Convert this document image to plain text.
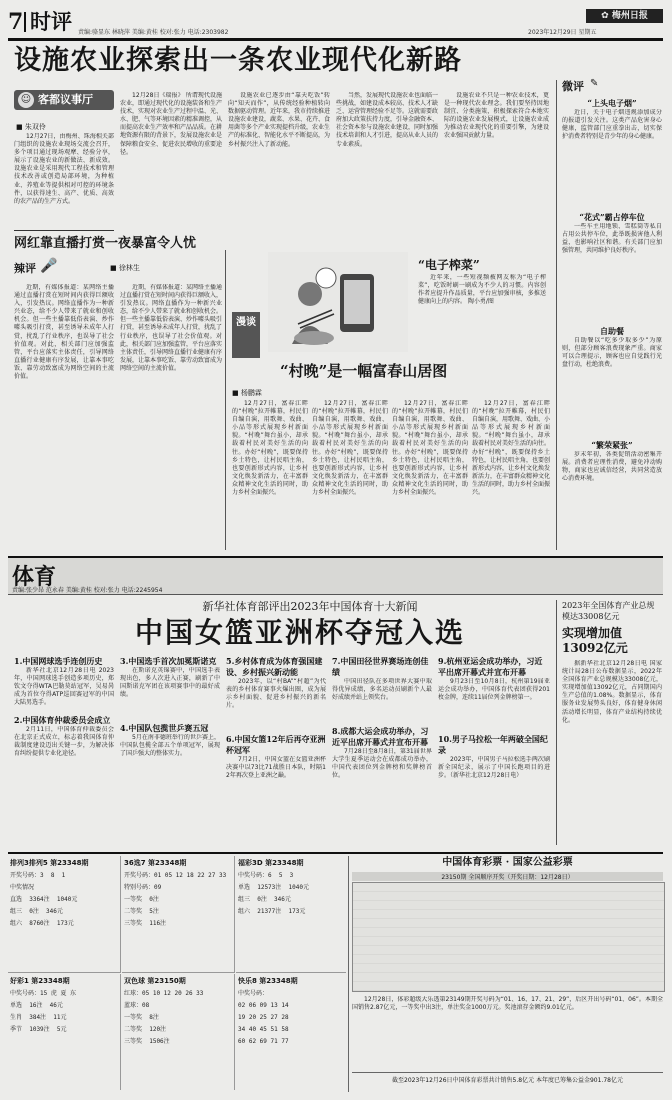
7 时评 责编:骆显东 林晓萍 美编:黄桂 校对:张力 电话:2303982	2023年12月29日 星期五
✿ 梅州日报
设施农业探索出一条农业现代化新路
☺ 客都议事厅
■ 朱双伶

12月27日，由梅州、珠海相关部门组织的设施农业现场交流会召开，多个项目通过现场观摩、经验分享，展示了设施农业的新做法、新成效。设施农业是采用现代工程技术和管理技术改善或创造局部环境，为种植业、养殖业等提供相对可控的环境条件，以获得速生、高产、优质、高效的农产品的生产方式。

12月28日《瑞报》 所谓现代设施农业，即通过现代化的设施装备和生产技术，实现对农业生产过程中温、光、水、肥、气等环境因素的精准调控，从而提高农业生产效率和产品品质。在耕地资源有限的背景下，发展设施农业是保障粮食安全、促进农民增收的重要途径。

设施农业已逐步由“靠天吃饭”转向“知天而作”，从传统经验种植转向数据驱动管理。近年来，我市持续推进设施农业建设，蔬菜、水果、花卉、食用菌等多个产业实现提档升级，农业生产的标准化、智能化水平不断提高，为乡村振兴注入了新动能。

当然，发展现代设施农业也面临一些挑战，如建设成本较高、技术人才缺乏、运营管理经验不足等。这就需要政府加大政策扶持力度，引导金融资本、社会资本参与设施农业建设，同时加强技术培训和人才引进，提高从业人员的专业素质。

设施农业不只是一种农业技术，更是一种现代农业理念。我们要坚持因地制宜、分类施策，积极探索符合本地实际的设施农业发展模式，让设施农业成为推动农业现代化的重要引擎，为建设农业强国贡献力量。

网红靠直播打赏一夜暴富令人忧
辣评 🎤	■ 徐林生

近期，有媒体报道：某网络主播通过直播打赏在短时间内获得巨额收入，引发热议。网络直播作为一种新兴业态，给不少人带来了就业和创收机会。但一些主播靠低俗表演、炒作噱头吸引打赏，甚至诱导未成年人打赏，扰乱了行业秩序，也误导了社会价值观。对此，相关部门应加强监管，平台应落实主体责任，引导网络直播行业健康有序发展，让靠本事吃饭、靠劳动致富成为网络空间的主流价值。

近期，有媒体报道：某网络主播通过直播打赏在短时间内获得巨额收入，引发热议。网络直播作为一种新兴业态，给不少人带来了就业和创收机会。但一些主播靠低俗表演、炒作噱头吸引打赏，甚至诱导未成年人打赏，扰乱了行业秩序，也误导了社会价值观。对此，相关部门应加强监管，平台应落实主体责任，引导网络直播行业健康有序发展，让靠本事吃饭、靠劳动致富成为网络空间的主流价值。

漫谈
“电子榨菜”

近年来，一些短视频被网友称为“电子榨菜”，吃饭时刷一刷成为不少人的习惯。内容创作者应提升作品质量，平台应加强审核，多推送健康向上的内容。 陶小勇/图

“村晚”是一幅富春山居图
■ 杨鹏霖

12月27日，富春江畔的“村晚”拉开帷幕，村民们自编自演，用歌舞、戏曲、小品等形式展现乡村新面貌。“村晚”舞台虽小，却承载着村民对美好生活的向往。办好“村晚”，既要保持乡土特色，让村民唱主角，也要创新形式内容，让乡村文化焕发新活力，在丰富群众精神文化生活的同时，助力乡村全面振兴。

12月27日，富春江畔的“村晚”拉开帷幕，村民们自编自演，用歌舞、戏曲、小品等形式展现乡村新面貌。“村晚”舞台虽小，却承载着村民对美好生活的向往。办好“村晚”，既要保持乡土特色，让村民唱主角，也要创新形式内容，让乡村文化焕发新活力，在丰富群众精神文化生活的同时，助力乡村全面振兴。

12月27日，富春江畔的“村晚”拉开帷幕，村民们自编自演，用歌舞、戏曲、小品等形式展现乡村新面貌。“村晚”舞台虽小，却承载着村民对美好生活的向往。办好“村晚”，既要保持乡土特色，让村民唱主角，也要创新形式内容，让乡村文化焕发新活力，在丰富群众精神文化生活的同时，助力乡村全面振兴。

12月27日，富春江畔的“村晚”拉开帷幕，村民们自编自演，用歌舞、戏曲、小品等形式展现乡村新面貌。“村晚”舞台虽小，却承载着村民对美好生活的向往。办好“村晚”，既要保持乡土特色，让村民唱主角，也要创新形式内容，让乡村文化焕发新活力，在丰富群众精神文化生活的同时，助力乡村全面振兴。

微评 ✎
“上头电子烟”

近日，关于电子烟违规添加成分的报道引发关注。这类产品危害身心健康，监管部门应重拳出击，切实保护消费者特别是青少年的身心健康。

“花式”霸占停车位

一些车主用地锁、雪糕筒等私自占用公共停车位，此举既损害他人利益，也影响社区和谐。有关部门应加强管理，共同维护良好秩序。

自助餐

自助餐以“吃多少取多少”为原则，但部分顾客浪费现象严重。商家可以合理提示，顾客也应自觉践行光盘行动，杜绝浪费。

“繁荣紧张”

岁末年初，各类促销活动密集开展。消费者应理性消费，避免冲动购物，商家也应诚信经营，共同营造放心消费环境。

体育
责编:张少昂 范永春 美编:黄桂 校对:张力 电话:2245954
新华社体育部评出2023年中国体育十大新闻
中国女篮亚洲杯夺冠入选
2023年全国体育产业总规模达33008亿元
实现增加值13092亿元

据新华社北京12月28日电 国家统计局28日公布数据显示，2022年全国体育产业总规模达33008亿元，实现增加值13092亿元，占同期国内生产总值的1.08%。数据显示，体育服务业发展势头良好，体育健身休闲活动增长明显，体育产业结构持续优化。

1.中国网球选手连创历史

新华社北京12月28日电 2023年，中国网球选手创造多项历史，郑钦文夺得WTA巴勒莫站冠军，吴易昺成为首位夺得ATP巡回赛冠军的中国大陆男选手。

2.中国体育仲裁委员会成立

2月11日，中国体育仲裁委员会在北京正式成立，标志着我国体育仲裁制度建设迈出关键一步，为解决体育纠纷提供专业化途径。

3.中国选手首次加冕斯诺克

在斯诺克英锦赛中，中国选手表现出色，多人次进入正赛，刷新了中国斯诺克军团在该项赛事中的最好成绩。

4.中国队包揽世乒赛五冠

5月在南非德班举行的世乒赛上，中国队包揽全部五个单项冠军，展现了国乒强大的整体实力。

5.乡村体育成为体育强国建设、乡村振兴新动能

2023年，以“村BA”“村超”为代表的乡村体育赛事火爆出圈，成为展示乡村面貌、促进乡村振兴的新名片。

6.中国女篮12年后再夺亚洲杯冠军

7月2日，中国女篮在女篮亚洲杯决赛中以73比71战胜日本队，时隔12年再次登上亚洲之巅。

7.中国田径世界赛场连创佳绩

中国田径队在多项世界大赛中取得优异成绩，多名运动员刷新个人最好成绩并站上领奖台。

8.成都大运会成功举办，习近平出席开幕式并宣布开幕

7月28日至8月8日，第31届世界大学生夏季运动会在成都成功举办，中国代表团位列金牌榜和奖牌榜首位。

9.杭州亚运会成功举办，习近平出席开幕式并宣布开幕

9月23日至10月8日，杭州第19届亚运会成功举办，中国体育代表团获得201枚金牌，连续11届位列金牌榜第一。

10.男子马拉松一年两破全国纪录

2023年，中国男子马拉松选手两次刷新全国纪录，展示了中国长跑项目的进步。（新华社北京12月28日电）

排列3排列5 第23348期
开奖号码：3  8  1
中奖情况
直选  3364注  1040元
组三  0注  346元
组六  8760注  173元
36选7 第23348期
开奖号码：01 05 12 18 22 27 33
特别号码：09
一等奖  0注
二等奖  5注
三等奖  116注
福彩3D 第23348期
中奖号码：6  5  3
单选  12573注  1040元
组三  0注  346元
组六  21377注  173元
好彩1 第23348期
中奖号码：15 虎 夏 东
单选  16注  46元
生肖  384注  11元
季节  1039注  5元
双色球 第23150期
红球：05 10 12 20 26 33
蓝球：08
一等奖  8注
二等奖  120注
三等奖  1506注
快乐8 第23348期
中奖号码：
02 06 09 13 14
19 20 25 27 28
34 40 45 51 58
60 62 69 71 77
中国体育彩票 · 国家公益彩票
23150期 全国顺序开奖（开奖日期：12月28日）

12月28日，体彩超级大乐透第23149期开奖号码为“01、16、17、21、29”，后区开出号码“01、06”。本期全国销售2.87亿元，一等奖中出3注，单注奖金1000万元。奖池滚存金额约9.01亿元。

截至2023年12月26日中国体育彩票共计销售5.8亿元 本年度已筹集公益金901.78亿元
